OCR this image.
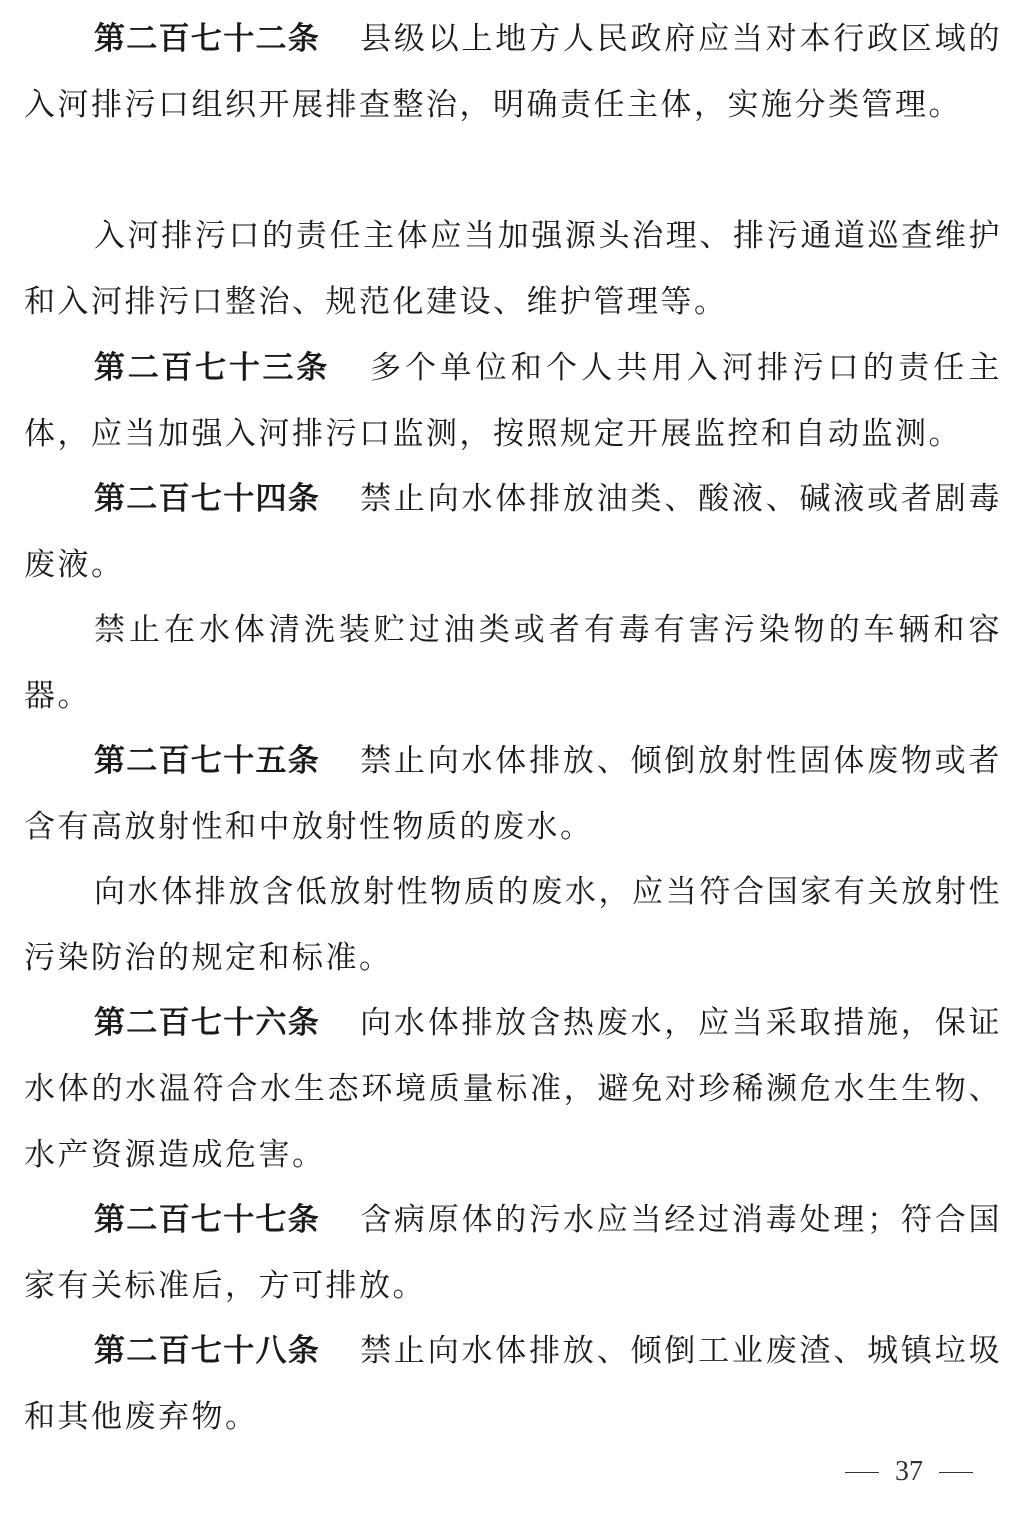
第二百七十二条 县级以上地方人民政府应当对本行政区域的入河排污口组织开展排查整治，明确责任主体，实施分类管理。

入河排污口的责任主体应当加强源头治理、排污通道巡查维护和入河排污口整治、规范化建设、维护管理等。

第二百七十三条 多个单位和个人共用入河排污口的责任主体，应当加强入河排污口监测，按照规定开展监控和自动监测。

第二百七十四条 禁止向水体排放油类、酸液、碱液或者剧毒废液。

禁止在水体清洗装贮过油类或者有毒有害污染物的车辆和容器。

第二百七十五条 禁止向水体排放、倾倒放射性固体废物或者含有高放射性和中放射性物质的废水。

向水体排放含低放射性物质的废水，应当符合国家有关放射性污染防治的规定和标准。

第二百七十六条 向水体排放含热废水，应当采取措施，保证水体的水温符合水生态环境质量标准，避免对珍稀濒危水生生物、水产资源造成危害。

第二百七十七条 含病原体的污水应当经过消毒处理；符合国家有关标准后，方可排放。

第二百七十八条 禁止向水体排放、倾倒工业废渣、城镇垃圾和其他废弃物。

37
